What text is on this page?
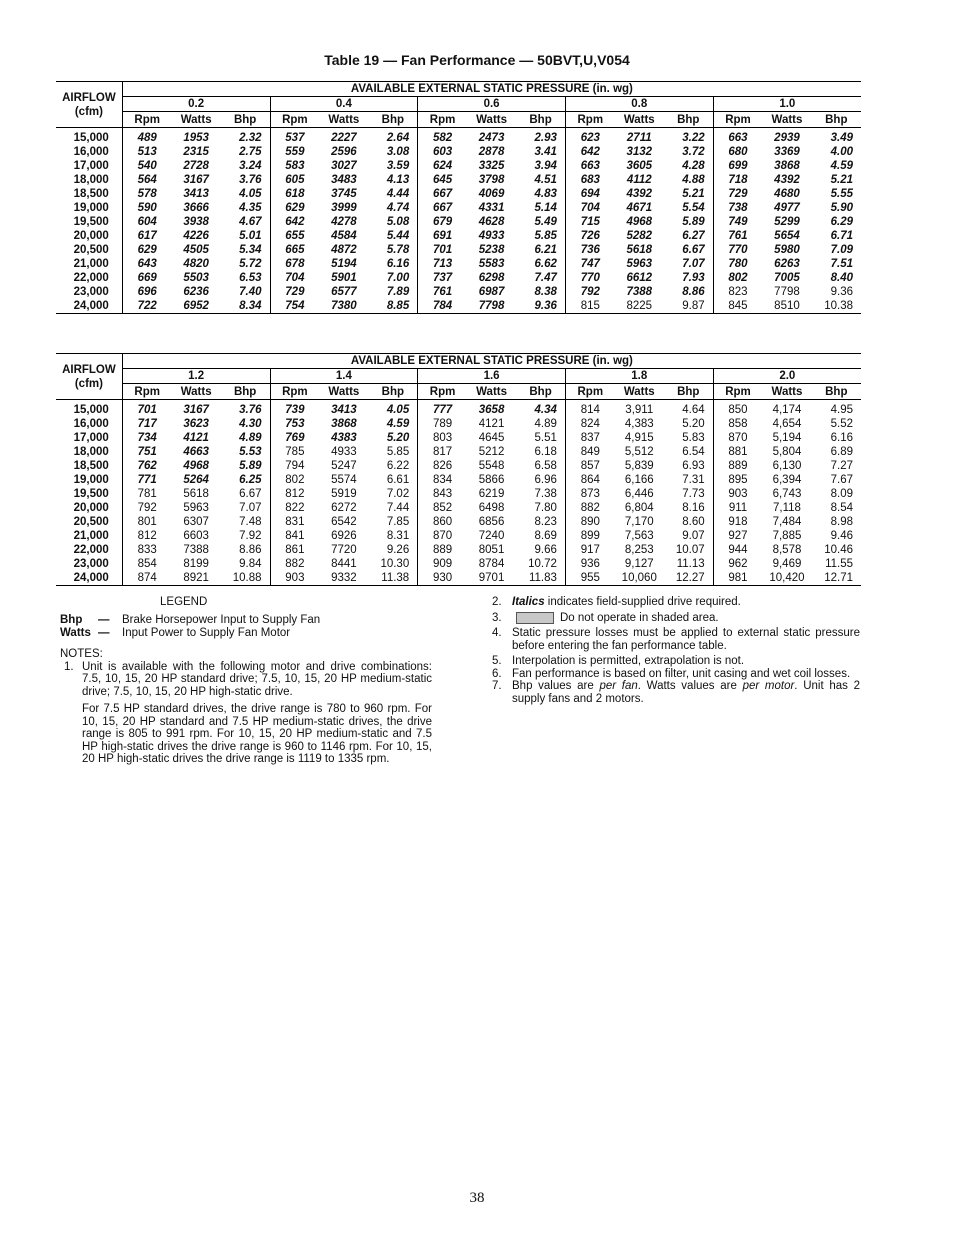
Table 19 — Fan Performance — 50BVT,U,V054
AIRFLOW
(cfm)	AVAILABLE EXTERNAL STATIC PRESSURE (in. wg)														
	0.2			0.4			0.6			0.8			1.0		
	Rpm	Watts	Bhp	Rpm	Watts	Bhp	Rpm	Watts	Bhp	Rpm	Watts	Bhp	Rpm	Watts	Bhp
15,000	489	1953	2.32	537	2227	2.64	582	2473	2.93	623	2711	3.22	663	2939	3.49
16,000	513	2315	2.75	559	2596	3.08	603	2878	3.41	642	3132	3.72	680	3369	4.00
17,000	540	2728	3.24	583	3027	3.59	624	3325	3.94	663	3605	4.28	699	3868	4.59
18,000	564	3167	3.76	605	3483	4.13	645	3798	4.51	683	4112	4.88	718	4392	5.21
18,500	578	3413	4.05	618	3745	4.44	667	4069	4.83	694	4392	5.21	729	4680	5.55
19,000	590	3666	4.35	629	3999	4.74	667	4331	5.14	704	4671	5.54	738	4977	5.90
19,500	604	3938	4.67	642	4278	5.08	679	4628	5.49	715	4968	5.89	749	5299	6.29
20,000	617	4226	5.01	655	4584	5.44	691	4933	5.85	726	5282	6.27	761	5654	6.71
20,500	629	4505	5.34	665	4872	5.78	701	5238	6.21	736	5618	6.67	770	5980	7.09
21,000	643	4820	5.72	678	5194	6.16	713	5583	6.62	747	5963	7.07	780	6263	7.51
22,000	669	5503	6.53	704	5901	7.00	737	6298	7.47	770	6612	7.93	802	7005	8.40
23,000	696	6236	7.40	729	6577	7.89	761	6987	8.38	792	7388	8.86	823	7798	9.36
24,000	722	6952	8.34	754	7380	8.85	784	7798	9.36	815	8225	9.87	845	8510	10.38
AIRFLOW
(cfm)	AVAILABLE EXTERNAL STATIC PRESSURE (in. wg)														
	1.2			1.4			1.6			1.8			2.0		
	Rpm	Watts	Bhp	Rpm	Watts	Bhp	Rpm	Watts	Bhp	Rpm	Watts	Bhp	Rpm	Watts	Bhp
15,000	701	3167	3.76	739	3413	4.05	777	3658	4.34	814	3,911	4.64	850	4,174	4.95
16,000	717	3623	4.30	753	3868	4.59	789	4121	4.89	824	4,383	5.20	858	4,654	5.52
17,000	734	4121	4.89	769	4383	5.20	803	4645	5.51	837	4,915	5.83	870	5,194	6.16
18,000	751	4663	5.53	785	4933	5.85	817	5212	6.18	849	5,512	6.54	881	5,804	6.89
18,500	762	4968	5.89	794	5247	6.22	826	5548	6.58	857	5,839	6.93	889	6,130	7.27
19,000	771	5264	6.25	802	5574	6.61	834	5866	6.96	864	6,166	7.31	895	6,394	7.67
19,500	781	5618	6.67	812	5919	7.02	843	6219	7.38	873	6,446	7.73	903	6,743	8.09
20,000	792	5963	7.07	822	6272	7.44	852	6498	7.80	882	6,804	8.16	911	7,118	8.54
20,500	801	6307	7.48	831	6542	7.85	860	6856	8.23	890	7,170	8.60	918	7,484	8.98
21,000	812	6603	7.92	841	6926	8.31	870	7240	8.69	899	7,563	9.07	927	7,885	9.46
22,000	833	7388	8.86	861	7720	9.26	889	8051	9.66	917	8,253	10.07	944	8,578	10.46
23,000	854	8199	9.84	882	8441	10.30	909	8784	10.72	936	9,127	11.13	962	9,469	11.55
24,000	874	8921	10.88	903	9332	11.38	930	9701	11.83	955	10,060	12.27	981	10,420	12.71
LEGEND
Bhp — Brake Horsepower Input to Supply Fan
Watts — Input Power to Supply Fan Motor

NOTES:

1. Unit is available with the following motor and drive combinations: 7.5, 10, 15, 20 HP standard drive; 7.5, 10, 15, 20 HP medium-static drive; 7.5, 10, 15, 20 HP high-static drive.

For 7.5 HP standard drives, the drive range is 780 to 960 rpm. For 10, 15, 20 HP standard and 7.5 HP medium-static drives, the drive range is 805 to 991 rpm. For 10, 15, 20 HP medium-static and 7.5 HP high-static drives the drive range is 960 to 1146 rpm. For 10, 15, 20 HP high-static drives the drive range is 1119 to 1335 rpm.

2. Italics indicates field-supplied drive required.
3.	Do not operate in shaded area.
4. Static pressure losses must be applied to external static pressure before entering the fan performance table.
5. Interpolation is permitted, extrapolation is not.
6. Fan performance is based on filter, unit casing and wet coil losses.
7. Bhp values are per fan. Watts values are per motor. Unit has 2 supply fans and 2 motors.
38
